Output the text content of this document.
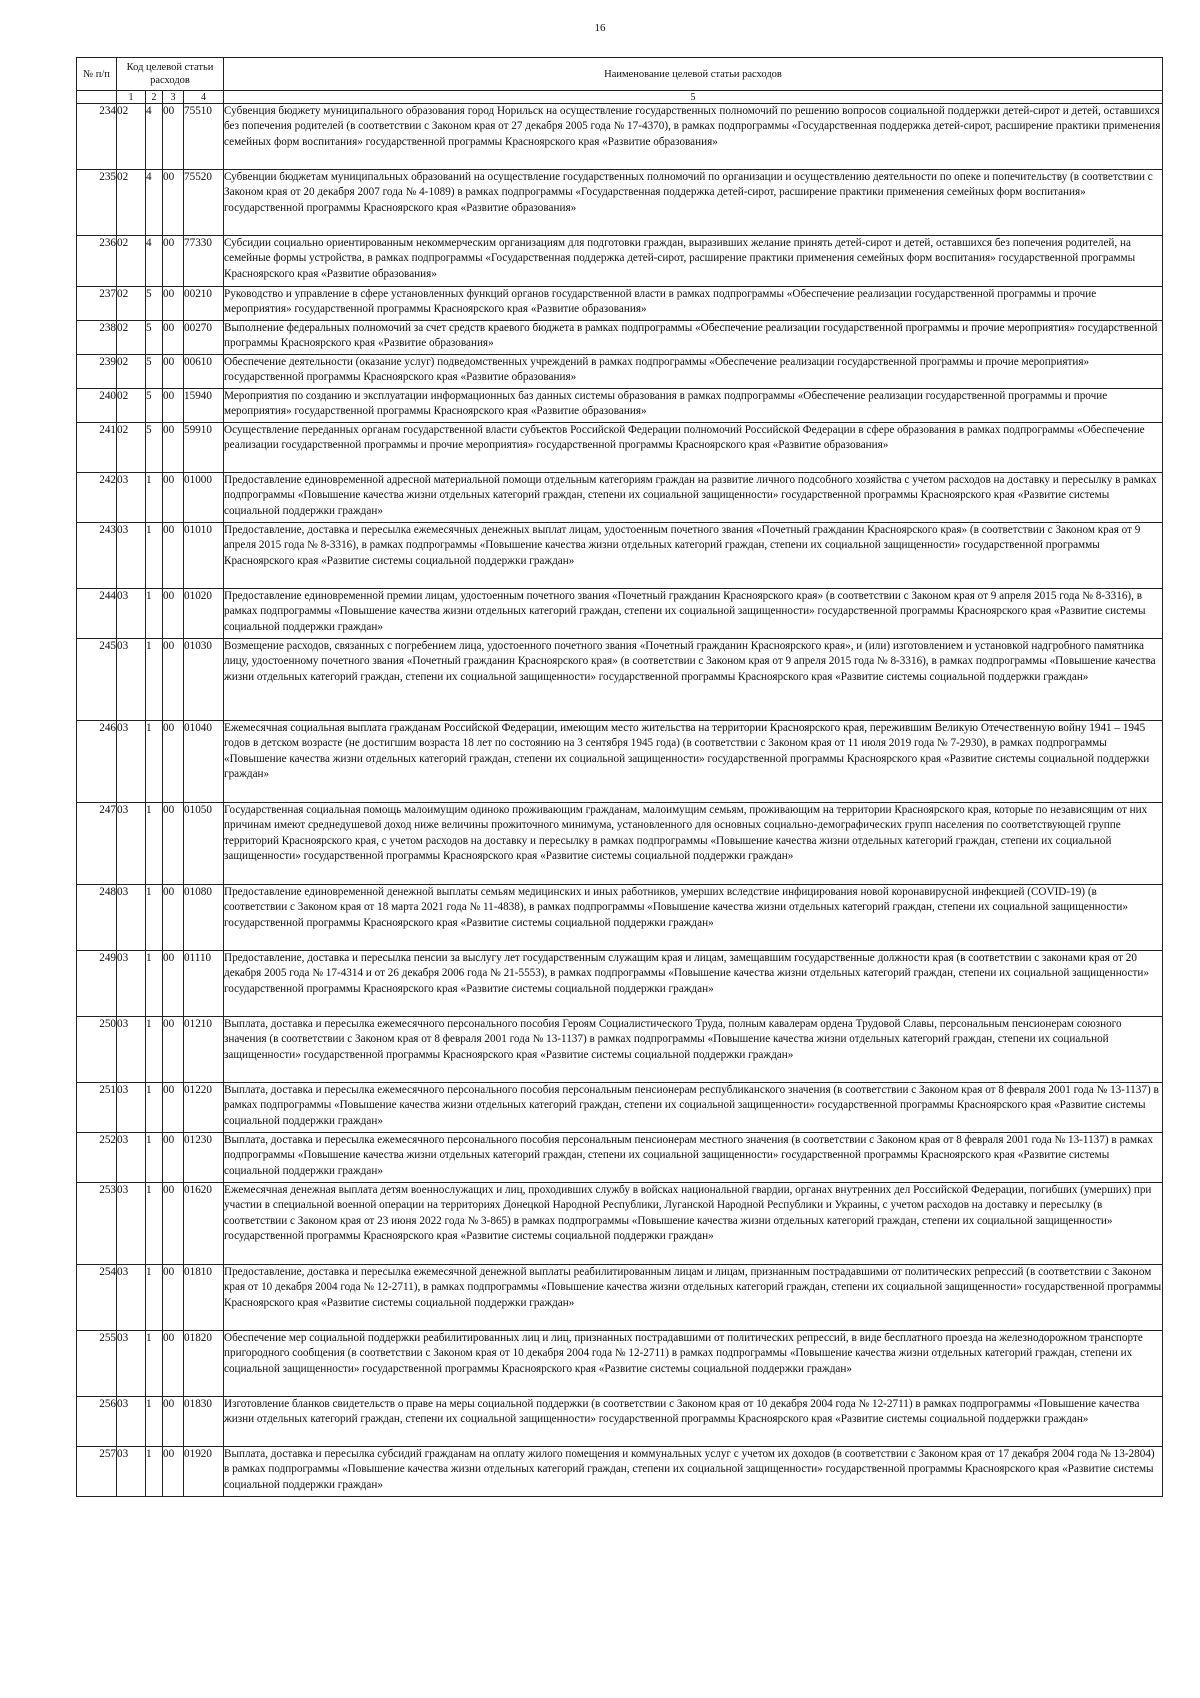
16
№ п/п	Код целевой статьи расходов				Наименование целевой статьи расходов

	1	2	3	4	5
234	02	4	00	75510	Субвенция бюджету муниципального образования город Норильск на осуществление государственных полномочий по решению вопросов социальной поддержки детей-сирот и детей, оставшихся без попечения родителей (в соответствии с Законом края от 27 декабря 2005 года № 17-4370), в рамках подпрограммы «Государственная поддержка детей-сирот, расширение практики применения семейных форм воспитания» государственной программы Красноярского края «Развитие образования»
235	02	4	00	75520	Субвенции бюджетам муниципальных образований на осуществление государственных полномочий по организации и осуществлению деятельности по опеке и попечительству (в соответствии с Законом края от 20 декабря 2007 года № 4-1089) в рамках подпрограммы «Государственная поддержка детей-сирот, расширение практики применения семейных форм воспитания» государственной программы Красноярского края «Развитие образования»
236	02	4	00	77330	Субсидии социально ориентированным некоммерческим организациям для подготовки граждан, выразивших желание принять детей-сирот и детей, оставшихся без попечения родителей, на семейные формы устройства, в рамках подпрограммы «Государственная поддержка детей-сирот, расширение практики применения семейных форм воспитания» государственной программы Красноярского края «Развитие образования»
237	02	5	00	00210	Руководство и управление в сфере установленных функций органов государственной власти в рамках подпрограммы «Обеспечение реализации государственной программы и прочие мероприятия» государственной программы Красноярского края «Развитие образования»
238	02	5	00	00270	Выполнение федеральных полномочий за счет средств краевого бюджета в рамках подпрограммы «Обеспечение реализации государственной программы и прочие мероприятия» государственной программы Красноярского края «Развитие образования»
239	02	5	00	00610	Обеспечение деятельности (оказание услуг) подведомственных учреждений в рамках подпрограммы «Обеспечение реализации государственной программы и прочие мероприятия» государственной программы Красноярского края «Развитие образования»
240	02	5	00	15940	Мероприятия по созданию и эксплуатации информационных баз данных системы образования в рамках подпрограммы «Обеспечение реализации государственной программы и прочие мероприятия» государственной программы Красноярского края «Развитие образования»
241	02	5	00	59910	Осуществление переданных органам государственной власти субъектов Российской Федерации полномочий Российской Федерации в сфере образования в рамках подпрограммы «Обеспечение реализации государственной программы и прочие мероприятия» государственной программы Красноярского края «Развитие образования»
242	03	1	00	01000	Предоставление единовременной адресной материальной помощи отдельным категориям граждан на развитие личного подсобного хозяйства с учетом расходов на доставку и пересылку в рамках подпрограммы «Повышение качества жизни отдельных категорий граждан, степени их социальной защищенности» государственной программы Красноярского края «Развитие системы социальной поддержки граждан»
243	03	1	00	01010	Предоставление, доставка и пересылка ежемесячных денежных выплат лицам, удостоенным почетного звания «Почетный гражданин Красноярского края» (в соответствии с Законом края от 9 апреля 2015 года № 8-3316), в рамках подпрограммы «Повышение качества жизни отдельных категорий граждан, степени их социальной защищенности» государственной программы Красноярского края «Развитие системы социальной поддержки граждан»
244	03	1	00	01020	Предоставление единовременной премии лицам, удостоенным почетного звания «Почетный гражданин Красноярского края» (в соответствии с Законом края от 9 апреля 2015 года № 8-3316), в рамках подпрограммы «Повышение качества жизни отдельных категорий граждан, степени их социальной защищенности» государственной программы Красноярского края «Развитие системы социальной поддержки граждан»
245	03	1	00	01030	Возмещение расходов, связанных с погребением лица, удостоенного почетного звания «Почетный гражданин Красноярского края», и (или) изготовлением и установкой надгробного памятника лицу, удостоенному почетного звания «Почетный гражданин Красноярского края» (в соответствии с Законом края от 9 апреля 2015 года № 8-3316), в рамках подпрограммы «Повышение качества жизни отдельных категорий граждан, степени их социальной защищенности» государственной программы Красноярского края «Развитие системы социальной поддержки граждан»
246	03	1	00	01040	Ежемесячная социальная выплата гражданам Российской Федерации, имеющим место жительства на территории Красноярского края, пережившим Великую Отечественную войну 1941 – 1945 годов в детском возрасте (не достигшим возраста 18 лет по состоянию на 3 сентября 1945 года) (в соответствии с Законом края от 11 июля 2019 года № 7-2930), в рамках подпрограммы «Повышение качества жизни отдельных категорий граждан, степени их социальной защищенности» государственной программы Красноярского края «Развитие системы социальной поддержки граждан»
247	03	1	00	01050	Государственная социальная помощь малоимущим одиноко проживающим гражданам, малоимущим семьям, проживающим на территории Красноярского края, которые по независящим от них причинам имеют среднедушевой доход ниже величины прожиточного минимума, установленного для основных социально-демографических групп населения по соответствующей группе территорий Красноярского края, с учетом расходов на доставку и пересылку в рамках подпрограммы «Повышение качества жизни отдельных категорий граждан, степени их социальной защищенности» государственной программы Красноярского края «Развитие системы социальной поддержки граждан»
248	03	1	00	01080	Предоставление единовременной денежной выплаты семьям медицинских и иных работников, умерших вследствие инфицирования новой коронавирусной инфекцией (COVID-19) (в соответствии с Законом края от 18 марта 2021 года № 11-4838), в рамках подпрограммы «Повышение качества жизни отдельных категорий граждан, степени их социальной защищенности» государственной программы Красноярского края «Развитие системы социальной поддержки граждан»
249	03	1	00	01110	Предоставление, доставка и пересылка пенсии за выслугу лет государственным служащим края и лицам, замещавшим государственные должности края (в соответствии с законами края от 20 декабря 2005 года № 17-4314 и от 26 декабря 2006 года № 21-5553), в рамках подпрограммы «Повышение качества жизни отдельных категорий граждан, степени их социальной защищенности» государственной программы Красноярского края «Развитие системы социальной поддержки граждан»
250	03	1	00	01210	Выплата, доставка и пересылка ежемесячного персонального пособия Героям Социалистического Труда, полным кавалерам ордена Трудовой Славы, персональным пенсионерам союзного значения (в соответствии с Законом края от 8 февраля 2001 года № 13-1137) в рамках подпрограммы «Повышение качества жизни отдельных категорий граждан, степени их социальной защищенности» государственной программы Красноярского края «Развитие системы социальной поддержки граждан»
251	03	1	00	01220	Выплата, доставка и пересылка ежемесячного персонального пособия персональным пенсионерам республиканского значения (в соответствии с Законом края от 8 февраля 2001 года № 13-1137) в рамках подпрограммы «Повышение качества жизни отдельных категорий граждан, степени их социальной защищенности» государственной программы Красноярского края «Развитие системы социальной поддержки граждан»
252	03	1	00	01230	Выплата, доставка и пересылка ежемесячного персонального пособия персональным пенсионерам местного значения (в соответствии с Законом края от 8 февраля 2001 года № 13-1137) в рамках подпрограммы «Повышение качества жизни отдельных категорий граждан, степени их социальной защищенности» государственной программы Красноярского края «Развитие системы социальной поддержки граждан»
253	03	1	00	01620	Ежемесячная денежная выплата детям военнослужащих и лиц, проходивших службу в войсках национальной гвардии, органах внутренних дел Российской Федерации, погибших (умерших) при участии в специальной военной операции на территориях Донецкой Народной Республики, Луганской Народной Республики и Украины, с учетом расходов на доставку и пересылку (в соответствии с Законом края от 23 июня 2022 года № 3-865) в рамках подпрограммы «Повышение качества жизни отдельных категорий граждан, степени их социальной защищенности» государственной программы Красноярского края «Развитие системы социальной поддержки граждан»
254	03	1	00	01810	Предоставление, доставка и пересылка ежемесячной денежной выплаты реабилитированным лицам и лицам, признанным пострадавшими от политических репрессий (в соответствии с Законом края от 10 декабря 2004 года № 12-2711), в рамках подпрограммы «Повышение качества жизни отдельных категорий граждан, степени их социальной защищенности» государственной программы Красноярского края «Развитие системы социальной поддержки граждан»
255	03	1	00	01820	Обеспечение мер социальной поддержки реабилитированных лиц и лиц, признанных пострадавшими от политических репрессий, в виде бесплатного проезда на железнодорожном транспорте пригородного сообщения (в соответствии с Законом края от 10 декабря 2004 года № 12-2711) в рамках подпрограммы «Повышение качества жизни отдельных категорий граждан, степени их социальной защищенности» государственной программы Красноярского края «Развитие системы социальной поддержки граждан»
256	03	1	00	01830	Изготовление бланков свидетельств о праве на меры социальной поддержки (в соответствии с Законом края от 10 декабря 2004 года № 12-2711) в рамках подпрограммы «Повышение качества жизни отдельных категорий граждан, степени их социальной защищенности» государственной программы Красноярского края «Развитие системы социальной поддержки граждан»
257	03	1	00	01920	Выплата, доставка и пересылка субсидий гражданам на оплату жилого помещения и коммунальных услуг с учетом их доходов (в соответствии с Законом края от 17 декабря 2004 года № 13-2804) в рамках подпрограммы «Повышение качества жизни отдельных категорий граждан, степени их социальной защищенности» государственной программы Красноярского края «Развитие системы социальной поддержки граждан»
